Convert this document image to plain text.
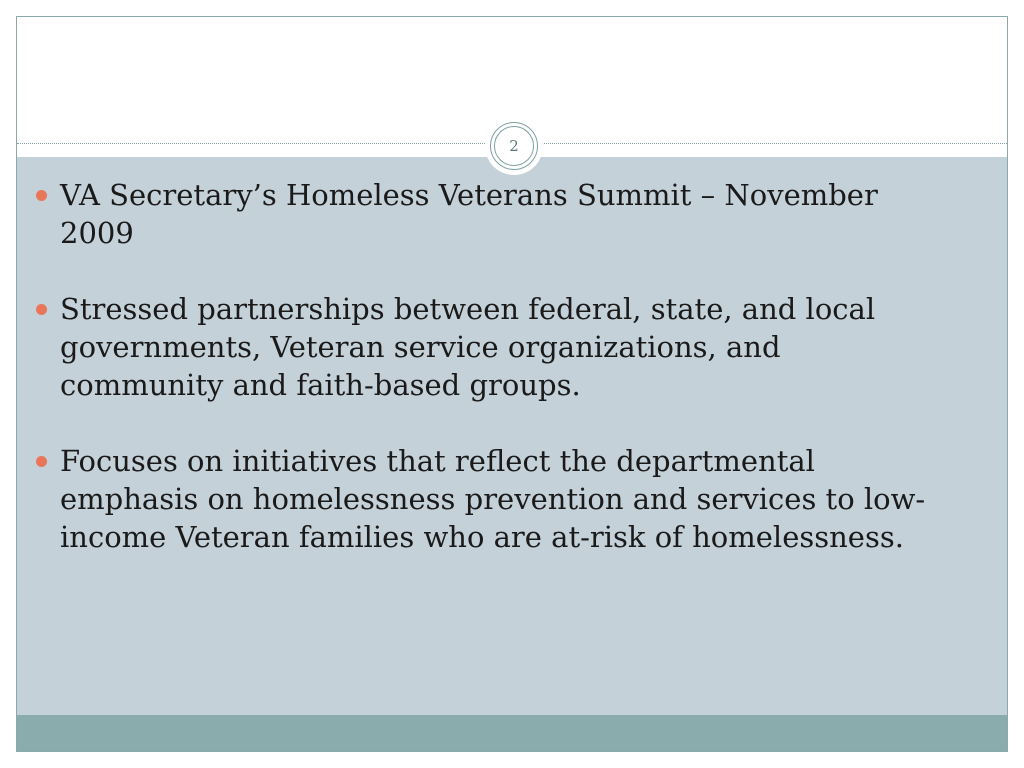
2
VA Secretary’s Homeless Veterans Summit – November 2009
Stressed partnerships between federal, state, and local governments, Veteran service organizations, and community and faith-based groups.
Focuses on initiatives that reflect the departmental emphasis on homelessness prevention and services to low-income Veteran families who are at-risk of homelessness.
